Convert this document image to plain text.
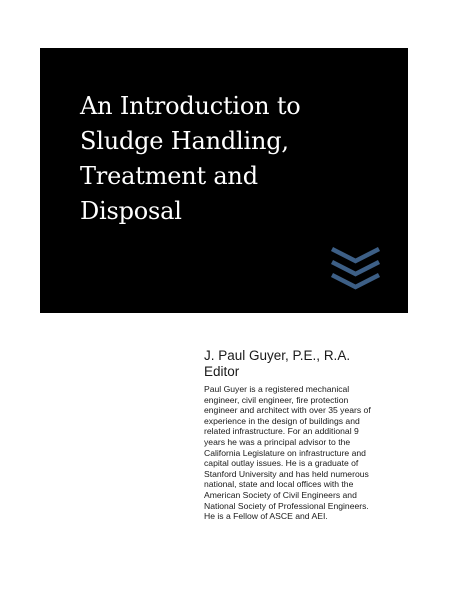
An Introduction to
Sludge Handling,
Treatment and
Disposal

J. Paul Guyer, P.E., R.A.

Editor

Paul Guyer is a registered mechanical
engineer, civil engineer, fire protection
engineer and architect with over 35 years of
experience in the design of buildings and
related infrastructure. For an additional 9
years he was a principal advisor to the
California Legislature on infrastructure and
capital outlay issues. He is a graduate of
Stanford University and has held numerous
national, state and local offices with the
American Society of Civil Engineers and
National Society of Professional Engineers.
He is a Fellow of ASCE and AEI.
